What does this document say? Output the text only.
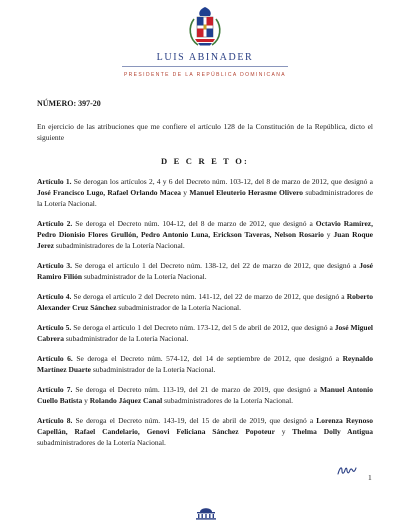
LUIS ABINADER
PRESIDENTE DE LA REPÚBLICA DOMINICANA
NÚMERO: 397-20
En ejercicio de las atribuciones que me confiere el artículo 128 de la Constitución de la República, dicto el siguiente
D E C R E T O:

Artículo 1. Se derogan los artículos 2, 4 y 6 del Decreto núm. 103-12, del 8 de marzo de 2012, que designó a José Francisco Lugo, Rafael Orlando Macea y Manuel Eleuterio Herasme Olivero subadministradores de la Lotería Nacional.

Artículo 2. Se deroga el Decreto núm. 104-12, del 8 de marzo de 2012, que designó a Octavio Ramírez, Pedro Dionisio Flores Grullón, Pedro Antonio Luna, Erickson Taveras, Nelson Rosario y Juan Roque Jerez subadministradores de la Lotería Nacional.

Artículo 3. Se deroga el artículo 1 del Decreto núm. 138-12, del 22 de marzo de 2012, que designó a José Ramiro Filión subadministrador de la Lotería Nacional.

Artículo 4. Se deroga el artículo 2 del Decreto núm. 141-12, del 22 de marzo de 2012, que designó a Roberto Alexander Cruz Sánchez subadministrador de la Lotería Nacional.

Artículo 5. Se deroga el artículo 1 del Decreto núm. 173-12, del 5 de abril de 2012, que designó a José Miguel Cabrera subadministrador de la Lotería Nacional.

Artículo 6. Se deroga el Decreto núm. 574-12, del 14 de septiembre de 2012, que designó a Reynaldo Martínez Duarte subadministrador de la Lotería Nacional.

Artículo 7. Se deroga el Decreto núm. 113-19, del 21 de marzo de 2019, que designó a Manuel Antonio Cuello Batista y Rolando Jáquez Canal subadministradores de la Lotería Nacional.

Artículo 8. Se deroga el Decreto núm. 143-19, del 15 de abril de 2019, que designó a Lorenza Reynoso Capellán, Rafael Candelario, Genovi Feliciana Sánchez Popoteur y Thelma Dolly Antigua subadministradores de la Lotería Nacional.

1
